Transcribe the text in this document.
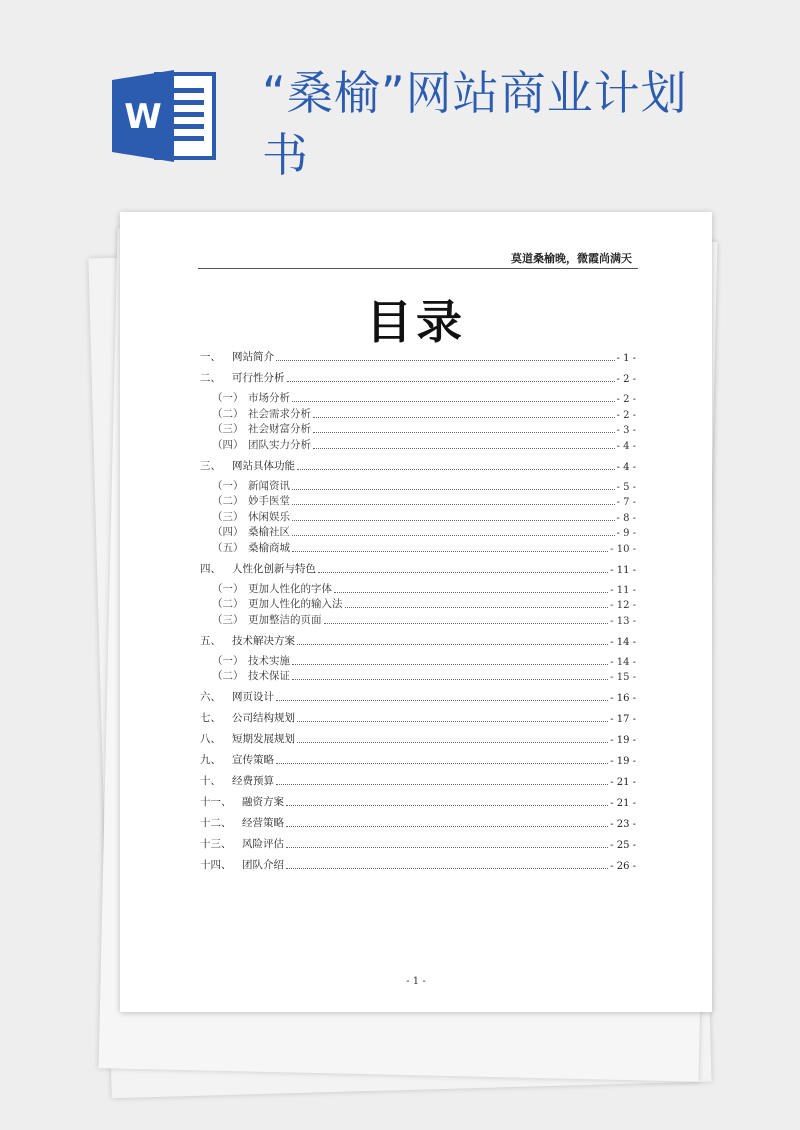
W “桑榆”网站商业计划书
莫道桑榆晚，微霞尚满天
目录
一、	网站简介	- 1 -
二、	可行性分析	- 2 -
（一） 市场分析	- 2 -
（二） 社会需求分析	- 2 -
（三） 社会财富分析	- 3 -
（四） 团队实力分析	- 4 -
三、	网站具体功能	- 4 -
（一） 新闻资讯	- 5 -
（二） 妙手医堂	- 7 -
（三） 休闲娱乐	- 8 -
（四） 桑榆社区	- 9 -
（五） 桑榆商城	- 10 -
四、	人性化创新与特色	- 11 -
（一） 更加人性化的字体	- 11 -
（二） 更加人性化的输入法	- 12 -
（三） 更加整洁的页面	- 13 -
五、	技术解决方案	- 14 -
（一） 技术实施	- 14 -
（二） 技术保证	- 15 -
六、	网页设计	- 16 -
七、	公司结构规划	- 17 -
八、	短期发展规划	- 19 -
九、	宣传策略	- 19 -
十、	经费预算	- 21 -
十一、	融资方案	- 21 -
十二、	经营策略	- 23 -
十三、	风险评估	- 25 -
十四、	团队介绍	- 26 -
- 1 -
